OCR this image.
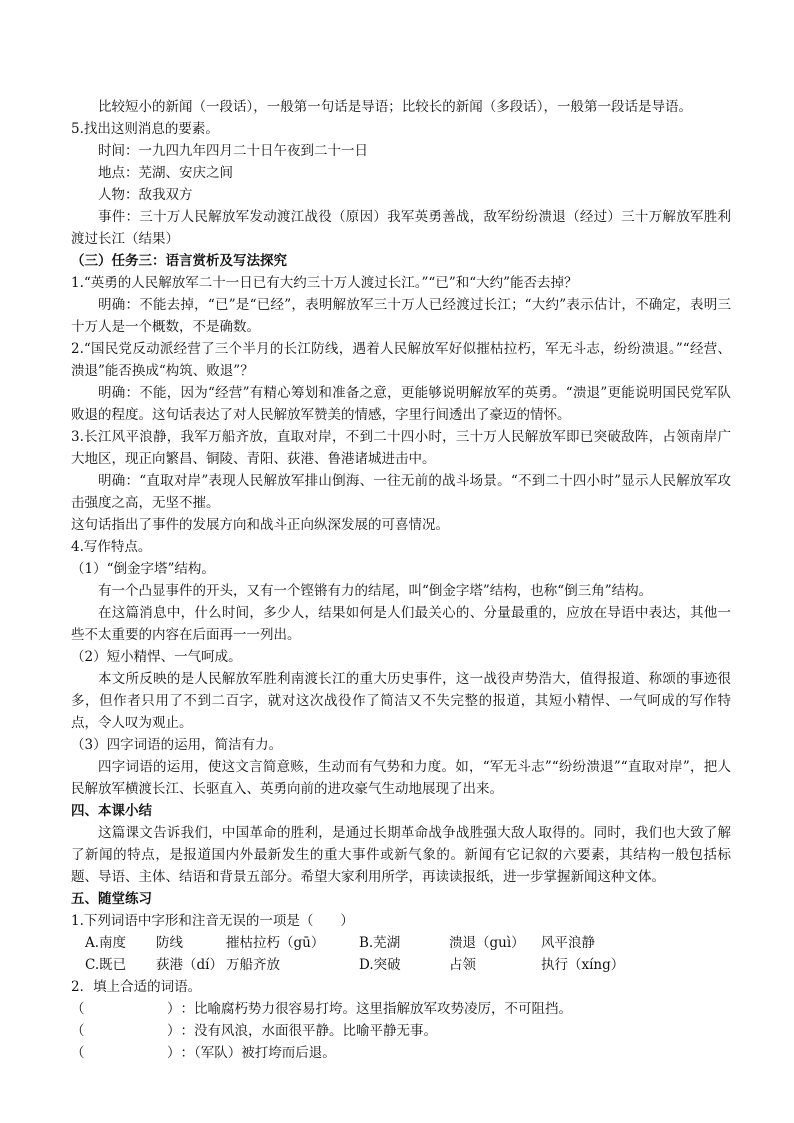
比较短小的新闻（一段话），一般第一句话是导语；比较长的新闻（多段话），一般第一段话是导语。

5.找出这则消息的要素。

时间：一九四九年四月二十日午夜到二十一日

地点：芜湖、安庆之间

人物：敌我双方

事件：三十万人民解放军发动渡江战役（原因）我军英勇善战，敌军纷纷溃退（经过）三十万解放军胜利渡过长江（结果）

（三）任务三：语言赏析及写法探究

1.“英勇的人民解放军二十一日已有大约三十万人渡过长江。”“已”和“大约”能否去掉？

明确：不能去掉，“已”是“已经”，表明解放军三十万人已经渡过长江；“大约”表示估计，不确定，表明三十万人是一个概数，不是确数。

2.“国民党反动派经营了三个半月的长江防线，遇着人民解放军好似摧枯拉朽，军无斗志，纷纷溃退。”“经营、溃退”能否换成“构筑、败退”？

明确：不能，因为“经营”有精心筹划和准备之意，更能够说明解放军的英勇。“溃退”更能说明国民党军队败退的程度。这句话表达了对人民解放军赞美的情感，字里行间透出了豪迈的情怀。

3.长江风平浪静，我军万船齐放，直取对岸，不到二十四小时，三十万人民解放军即已突破敌阵，占领南岸广大地区，现正向繁昌、铜陵、青阳、荻港、鲁港诸城进击中。

明确：“直取对岸”表现人民解放军排山倒海、一往无前的战斗场景。“不到二十四小时”显示人民解放军攻击强度之高，无坚不摧。

这句话指出了事件的发展方向和战斗正向纵深发展的可喜情况。

4.写作特点。

（1）“倒金字塔”结构。

有一个凸显事件的开头，又有一个铿锵有力的结尾，叫“倒金字塔”结构，也称“倒三角”结构。

在这篇消息中，什么时间，多少人，结果如何是人们最关心的、分量最重的，应放在导语中表达，其他一些不太重要的内容在后面再一一列出。

（2）短小精悍、一气呵成。

本文所反映的是人民解放军胜利南渡长江的重大历史事件，这一战役声势浩大，值得报道、称颂的事迹很多，但作者只用了不到二百字，就对这次战役作了简洁又不失完整的报道，其短小精悍、一气呵成的写作特点，令人叹为观止。

（3）四字词语的运用，简洁有力。

四字词语的运用，使这文言简意赅，生动而有气势和力度。如，“军无斗志”“纷纷溃退”“直取对岸”，把人民解放军横渡长江、长驱直入、英勇向前的进攻豪气生动地展现了出来。

四、本课小结

这篇课文告诉我们，中国革命的胜利，是通过长期革命战争战胜强大敌人取得的。同时，我们也大致了解了新闻的特点，是报道国内外最新发生的重大事件或新气象的。新闻有它记叙的六要素，其结构一般包括标题、导语、主体、结语和背景五部分。希望大家利用所学，再读读报纸，进一步掌握新闻这种文体。

五、随堂练习

1.下列词语中字形和注音无误的一项是（　　）

A.南度	防线	摧枯拉朽（gū）	B.芜湖	溃退（guì）	风平浪静
C.既已	荻港（dí） 万船齐放	D.突破	占领	执行（xíng）

2．填上合适的词语。

（	） ：比喻腐朽势力很容易打垮。这里指解放军攻势凌厉，不可阻挡。
（	） ：没有风浪，水面很平静。比喻平静无事。
（	） ：（军队）被打垮而后退。
